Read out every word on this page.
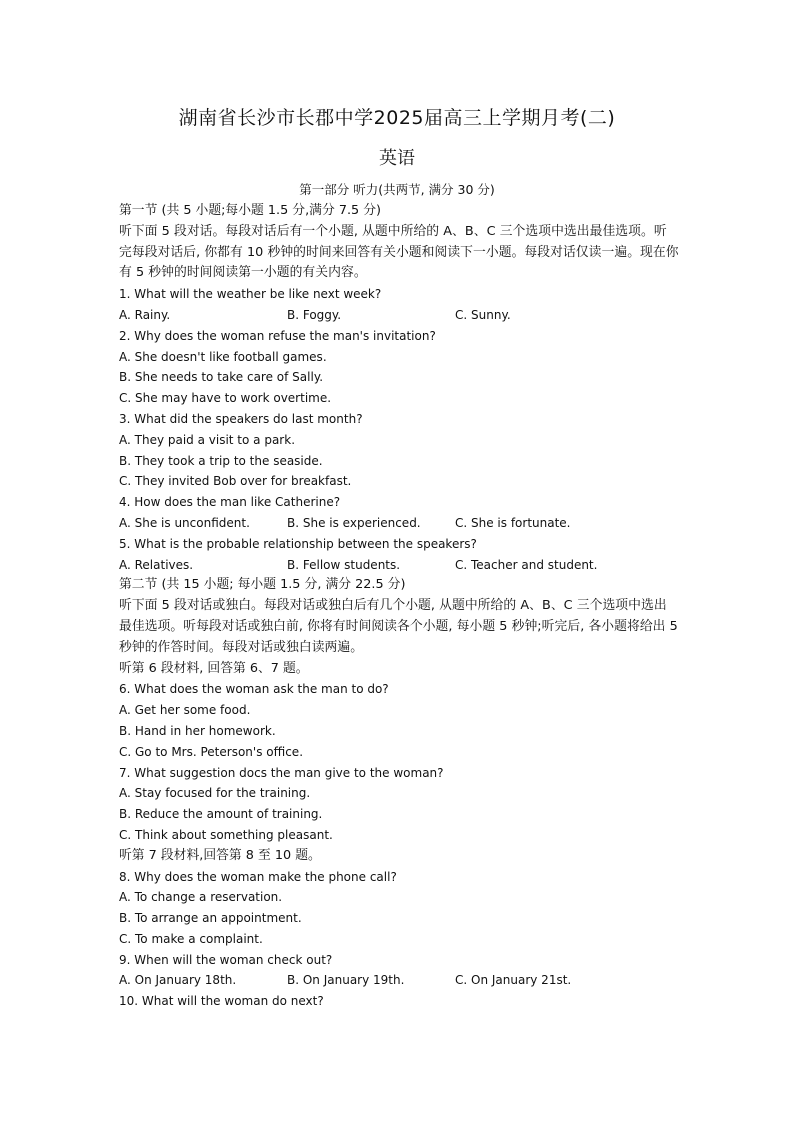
湖南省长沙市长郡中学2025届高三上学期月考(二)
英语
第一部分 听力(共两节, 满分 30 分)

第一节 (共 5 小题;每小题 1.5 分,满分 7.5 分)

听下面 5 段对话。每段对话后有一个小题, 从题中所给的 A、B、C 三个选项中选出最佳选项。听完每段对话后, 你都有 10 秒钟的时间来回答有关小题和阅读下一小题。每段对话仅读一遍。现在你有 5 秒钟的时间阅读第一小题的有关内容。

1. What will the weather be like next week?

A. Rainy.	B. Foggy.	C. Sunny.

2. Why does the woman refuse the man's invitation?

A. She doesn't like football games.

B. She needs to take care of Sally.

C. She may have to work overtime.

3. What did the speakers do last month?

A. They paid a visit to a park.

B. They took a trip to the seaside.

C. They invited Bob over for breakfast.

4. How does the man like Catherine?

A. She is unconfident.	B. She is experienced.	C. She is fortunate.

5. What is the probable relationship between the speakers?

A. Relatives.	B. Fellow students.	C. Teacher and student.

第二节 (共 15 小题; 每小题 1.5 分, 满分 22.5 分)

听下面 5 段对话或独白。每段对话或独白后有几个小题, 从题中所给的 A、B、C 三个选项中选出最佳选项。听每段对话或独白前, 你将有时间阅读各个小题, 每小题 5 秒钟;听完后, 各小题将给出 5 秒钟的作答时间。每段对话或独白读两遍。

听第 6 段材料, 回答第 6、7 题。

6. What does the woman ask the man to do?

A. Get her some food.

B. Hand in her homework.

C. Go to Mrs. Peterson's office.

7. What suggestion docs the man give to the woman?

A. Stay focused for the training.

B. Reduce the amount of training.

C. Think about something pleasant.

听第 7 段材料,回答第 8 至 10 题。

8. Why does the woman make the phone call?

A. To change a reservation.

B. To arrange an appointment.

C. To make a complaint.

9. When will the woman check out?

A. On January 18th.	B. On January 19th.	C. On January 21st.

10. What will the woman do next?
